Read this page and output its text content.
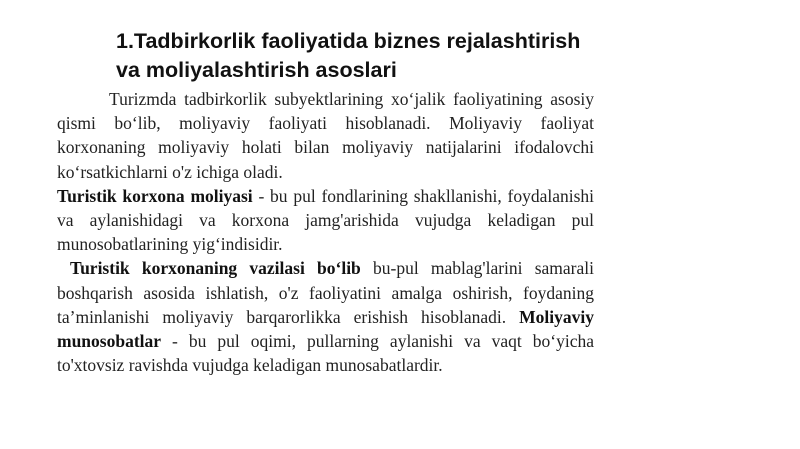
1.Tadbirkorlik faoliyatida biznes rejalashtirish
va moliyalashtirish asoslari

Turizmda tadbirkorlik subyektlarining xo‘jalik faoliyatining asosiy qismi bo‘lib, moliyaviy faoliyati hisoblanadi. Moliyaviy faoliyat korxonaning moliyaviy holati bilan moliyaviy natijalarini ifodalovchi ko‘rsatkichlarni o'z ichiga oladi.

Turistik korxona moliyasi - bu pul fondlarining shakllanishi, foydalanishi va aylanishidagi va korxona jamg'arishida vujudga keladigan pul munosobatlarining yig‘indisidir.

Turistik korxonaning vazilasi bo‘lib bu-pul mablag'larini samarali boshqarish asosida ishlatish, o'z faoliyatini amalga oshirish, foydaning ta’minlanishi moliyaviy barqarorlikka erishish hisoblanadi. Moliyaviy munosobatlar - bu pul oqimi, pullarning aylanishi va vaqt bo‘yicha to'xtovsiz ravishda vujudga keladigan munosabatlardir.
